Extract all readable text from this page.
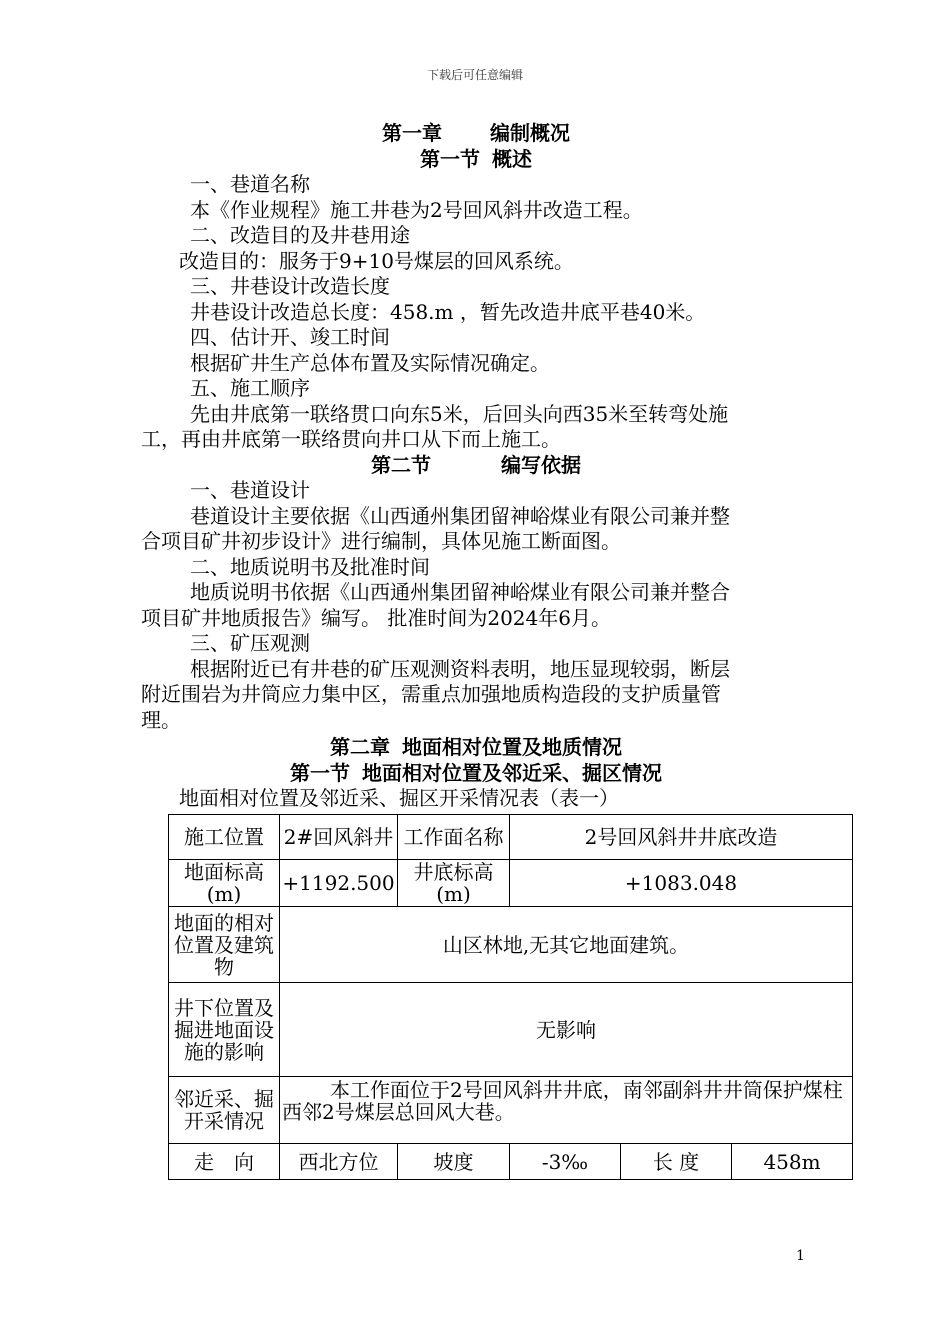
下载后可任意编辑
第一章 编制概况
第一节 概述
一、巷道名称
本《作业规程》施工井巷为2号回风斜井改造工程。
二、改造目的及井巷用途
改造目的：服务于9+10号煤层的回风系统。
三、井巷设计改造长度
井巷设计改造总长度：458.m ，暂先改造井底平巷40米。
四、估计开、竣工时间
根据矿井生产总体布置及实际情况确定。
五、施工顺序
先由井底第一联络贯口向东5米，后回头向西35米至转弯处施
工，再由井底第一联络贯向井口从下而上施工。
第二节	编写依据
一、巷道设计
巷道设计主要依据《山西通州集团留神峪煤业有限公司兼并整
合项目矿井初步设计》进行编制，具体见施工断面图。
二、地质说明书及批准时间
地质说明书依据《山西通州集团留神峪煤业有限公司兼并整合
项目矿井地质报告》编写。 批准时间为2024年6月。
三、矿压观测
根据附近已有井巷的矿压观测资料表明，地压显现较弱，断层
附近围岩为井筒应力集中区，需重点加强地质构造段的支护质量管
理。
第二章 地面相对位置及地质情况
第一节 地面相对位置及邻近采、掘区情况
地面相对位置及邻近采、掘区开采情况表（表一）
施工位置	2#回风斜井	工作面名称	2号回风斜井井底改造		
地面标高(m)	+1192.500	井底标高(m)	+1083.048		
地面的相对位置及建筑物	山区林地,无其它地面建筑。				
井下位置及掘进地面设施的影响	无影响				
邻近采、掘开采情况	本工作面位于2号回风斜井井底，南邻副斜井井筒保护煤柱西邻2号煤层总回风大巷。				
走　向	西北方位	坡度	-3‰	长 度	458m
1
